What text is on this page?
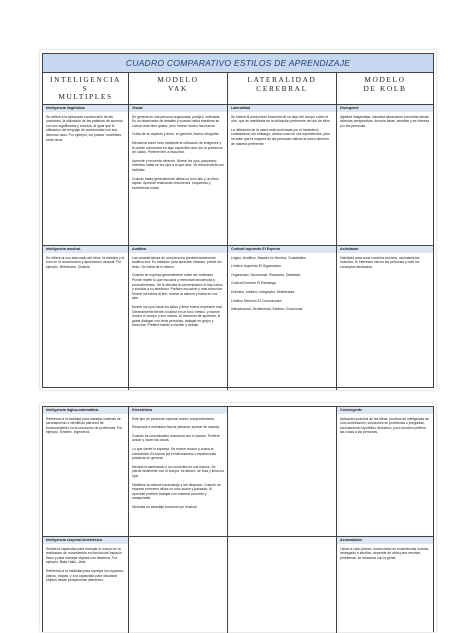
CUADRO COMPARATIVO ESTILOS DE APRENDIZAJE
INTELIGENCIA
S
MULTIPLES
MODELO
VAK
LATERALIDAD
CEREBRAL
MODELO
DE KOLB
Inteligencia lingüística.
Se refiere a la adecuada construcción de las oraciones, la utilización de las palabras de acuerdo con sus significados y sonidos, al igual que la utilización del lenguaje de conformidad con sus diversos usos. Por ejemplo, los poetas, novelistas, entre otros.
Visual
En general es una persona organizada, prolija y ordenada. Es un observador de detalles y cuando habla mantiene su cuerpo más bien quieto, pero mueve mucho las manos.
Cuida de su aspecto y tiene, en general, buena ortografía.
Memoriza sobre todo mediante la utilización de imágenes y le puede concentrar en algo específico aún con la presencia de ruidos. Prefiere leer a escuchar.
Aprende y recuerda mirando. Mueve los ojos, parpadea; mientras habla ve los ojos a lo que dice. Se desconcierta con facilidad.
Cuando habla generalmente utiliza un tono alto y un ritmo rápido. Aprende realizando resúmenes, esquemas y escribiendo notas.
Lateralidad
Se refiere al predominio funcional de un lado del cuerpo sobre el otro, que se manifiesta en la utilización preferente de uno de ellos.
La utilización de la mano está controlada por el hemisferio contralateral; sin embargo, ambos usan en sus equivalentes, pero se sabe que la mayoría de las personas utilizan la mano derecha de manera preferente.
Divergente
Agilidad imaginativa, visualiza situaciones concretas desde diversas perspectivas, formula ideas, sensible y se interesa por las personas.
Inteligencia musical.
Se refiere al uso adecuado del ritmo, la melodía y el tono en la construcción y apreciación musical. Por ejemplo, Beethoven, Chabús.
Auditiva
Las características de una persona predominantemente auditiva son: Es hablador para aprender idiomas, puede ser lento. Se habla de sí mismo.
Cuando se expresa generalmente suele ser ordenado. Puede repetir lo que escucha y memoriza secuencias y procedimientos. Se le dificulta la concentración si hay ruidos y sonidos a su alrededor. Prefiere escuchar y más escuchar. Mueve los labios al leer, mueve la cabeza y habla en voz alta.
Mueve los ojos hacia los lados y tiene buena expresión oral. Generalmente tiende a hablar en un tono rítmico, y mueve mucho el cuerpo y sus manos. Al momento de aprender, le gusta dialogar con otras personas, trabajar en grupo y escuchar. Prefiere hablar a escribir y debatir.
Cortical Izquierdo El Experto
Lógico, Analítico, Basado en Hechos, Cuantitativo
Límbico Izquierdo El Organizador
Organizado, Secuencial, Planeador, Detallado.
Cortical Derecho El Estratega
Holístico, Intuitivo, Integrador, Sintetizador.
Límbico Derecho El Comunicador
Interpersonal, Sentimental, Estético, Emocional.
Asimilador
Habilidad para crear modelos teóricos, razonamiento inductivo, le interesan menos las personas y más los conceptos abstractos.
Inteligencia lógica-matemática.
Refiriendo a la facilidad para manejar cadenas de razonamiento e identificar patrones de funcionamiento en la resolución de problemas. Por ejemplo, Einstein, ingenieros.
Kinestésica
Este tipo de personas expresa mucho comportamiento.
Responde a estímulos físicos (abrazar, apretar de manos).
Cuando es comunicativo reacciona con el cuerpo. Prefiere actuar y hacer las cosas.
Lo que siente lo expresa. Se mueve mucho y busca la comodidad. Es buena (a) en laboratorios o experiencias prácticas en general.
Memoriza caminando y se concentra en sus manos. Se pierde fácilmente con el cuerpo, se aburre, se toca y lleva los ojos.
Mantiene la cabeza hacia abajo y lee despacio. Cuando se expresa entonces utiliza un tono suave y pausado. Al aprender prefiere trabajar con material concreto y manipulable.
Necesita un abordaje funcional y/o musical.
Convergente
Aplicación práctica de las ideas, pruebas de inteligencia de una combinación, soluciones en problemas o preguntas, razonamiento hipotético deductivo, poco emotivo prefiere las cosas a las personas.
Inteligencia corporal-kinestésica.
Señala la capacidad para manejar el cuerpo en la realización de movimientos en función del espacio físico y para manejar objetos con destreza. Por ejemplo, Baila Hallo...Atds.
Refiriendo a la habilidad para manejar los espacios, planos, mapas, y a la capacidad para visualizar objetos desde perspectivas diferentes.
Acomodador
Llevar a cabo planes, involucrarse en experiencias nuevas, arriesgado e intuitivo, depende de otros para resolver problemas, se relaciona con la gente.
